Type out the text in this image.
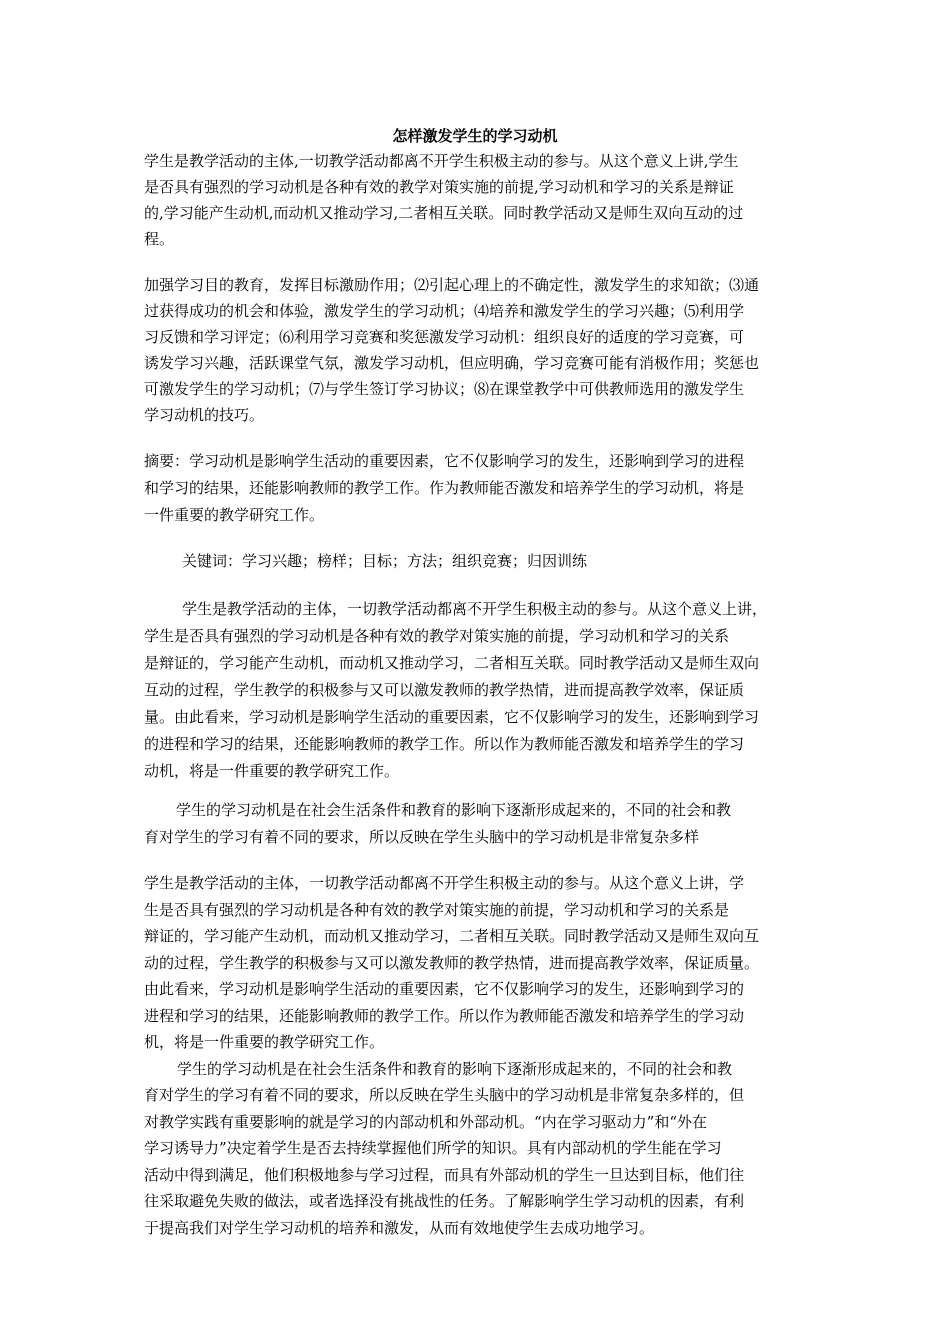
怎样激发学生的学习动机
学生是教学活动的主体,一切教学活动都离不开学生积极主动的参与。从这个意义上讲,学生
是否具有强烈的学习动机是各种有效的教学对策实施的前提,学习动机和学习的关系是辩证
的,学习能产生动机,而动机又推动学习,二者相互关联。同时教学活动又是师生双向互动的过
程。
加强学习目的教育，发挥目标激励作用；⑵引起心理上的不确定性，激发学生的求知欲；⑶通
过获得成功的机会和体验，激发学生的学习动机；⑷培养和激发学生的学习兴趣；⑸利用学
习反馈和学习评定；⑹利用学习竞赛和奖惩激发学习动机：组织良好的适度的学习竞赛，可
诱发学习兴趣，活跃课堂气氛，激发学习动机，但应明确，学习竞赛可能有消极作用；奖惩也
可激发学生的学习动机；⑺与学生签订学习协议；⑻在课堂教学中可供教师选用的激发学生
学习动机的技巧。
摘要：学习动机是影响学生活动的重要因素，它不仅影响学习的发生，还影响到学习的进程
和学习的结果，还能影响教师的教学工作。作为教师能否激发和培养学生的学习动机，将是
一件重要的教学研究工作。
关键词：学习兴趣；榜样；目标；方法；组织竞赛；归因训练
学生是教学活动的主体，一切教学活动都离不开学生积极主动的参与。从这个意义上讲，
学生是否具有强烈的学习动机是各种有效的教学对策实施的前提，学习动机和学习的关系
是辩证的，学习能产生动机，而动机又推动学习，二者相互关联。同时教学活动又是师生双向
互动的过程，学生教学的积极参与又可以激发教师的教学热情，进而提高教学效率，保证质
量。由此看来，学习动机是影响学生活动的重要因素，它不仅影响学习的发生，还影响到学习
的进程和学习的结果，还能影响教师的教学工作。所以作为教师能否激发和培养学生的学习
动机，将是一件重要的教学研究工作。
学生的学习动机是在社会生活条件和教育的影响下逐渐形成起来的，不同的社会和教
育对学生的学习有着不同的要求，所以反映在学生头脑中的学习动机是非常复杂多样
学生是教学活动的主体，一切教学活动都离不开学生积极主动的参与。从这个意义上讲，学
生是否具有强烈的学习动机是各种有效的教学对策实施的前提，学习动机和学习的关系是
辩证的，学习能产生动机，而动机又推动学习，二者相互关联。同时教学活动又是师生双向互
动的过程，学生教学的积极参与又可以激发教师的教学热情，进而提高教学效率，保证质量。
由此看来，学习动机是影响学生活动的重要因素，它不仅影响学习的发生，还影响到学习的
进程和学习的结果，还能影响教师的教学工作。所以作为教师能否激发和培养学生的学习动
机，将是一件重要的教学研究工作。
学生的学习动机是在社会生活条件和教育的影响下逐渐形成起来的，不同的社会和教
育对学生的学习有着不同的要求，所以反映在学生头脑中的学习动机是非常复杂多样的，但
对教学实践有重要影响的就是学习的内部动机和外部动机。“内在学习驱动力”和“外在
学习诱导力”决定着学生是否去持续掌握他们所学的知识。具有内部动机的学生能在学习
活动中得到满足，他们积极地参与学习过程，而具有外部动机的学生一旦达到目标，他们往
往采取避免失败的做法，或者选择没有挑战性的任务。了解影响学生学习动机的因素，有利
于提高我们对学生学习动机的培养和激发，从而有效地使学生去成功地学习。
